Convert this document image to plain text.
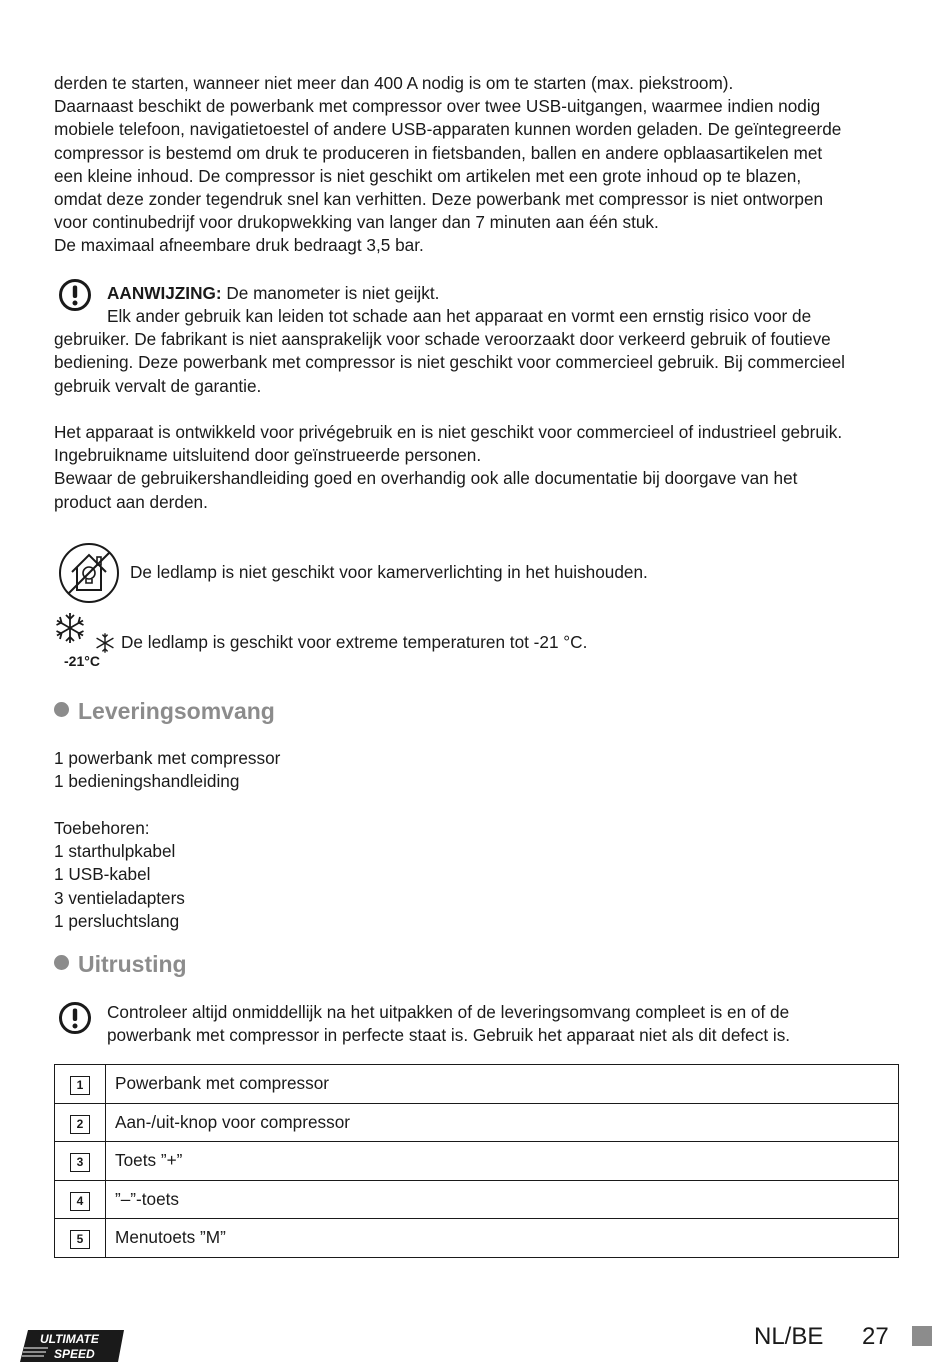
derden te starten, wanneer niet meer dan 400 A nodig is om te starten (max. piekstroom).

Daarnaast beschikt de powerbank met compressor over twee USB-uitgangen, waarmee indien nodig

mobiele telefoon, navigatietoestel of andere USB-apparaten kunnen worden geladen. De geïntegreerde

compressor is bestemd om druk te produceren in fietsbanden, ballen en andere opblaasartikelen met

een kleine inhoud. De compressor is niet geschikt om artikelen met een grote inhoud op te blazen,

omdat deze zonder tegendruk snel kan verhitten. Deze powerbank met compressor is niet ontworpen

voor continubedrijf voor drukopwekking van langer dan 7 minuten aan één stuk.

De maximaal afneembare druk bedraagt 3,5 bar.

AANWIJZING: De manometer is niet geijkt.

Elk ander gebruik kan leiden tot schade aan het apparaat en vormt een ernstig risico voor de

gebruiker. De fabrikant is niet aansprakelijk voor schade veroorzaakt door verkeerd gebruik of foutieve

bediening. Deze powerbank met compressor is niet geschikt voor commercieel gebruik. Bij commercieel

gebruik vervalt de garantie.

Het apparaat is ontwikkeld voor privégebruik en is niet geschikt voor commercieel of industrieel gebruik.

Ingebruikname uitsluitend door geïnstrueerde personen.

Bewaar de gebruikershandleiding goed en overhandig ook alle documentatie bij doorgave van het

product aan derden.

De ledlamp is niet geschikt voor kamerverlichting in het huishouden.

-21°C

De ledlamp is geschikt voor extreme temperaturen tot -21 °C.

Leveringsomvang

1 powerbank met compressor

1 bedieningshandleiding

Toebehoren:

1 starthulpkabel

1 USB-kabel

3 ventieladapters

1 persluchtslang

Uitrusting

Controleer altijd onmiddellijk na het uitpakken of de leveringsomvang compleet is en of de

powerbank met compressor in perfecte staat is. Gebruik het apparaat niet als dit defect is.

1	Powerbank met compressor
2	Aan-/uit-knop voor compressor
3	Toets ”+”
4	”–”-toets
5	Menutoets ”M”
ULTIMATE
SPEED
NL/BE 27
